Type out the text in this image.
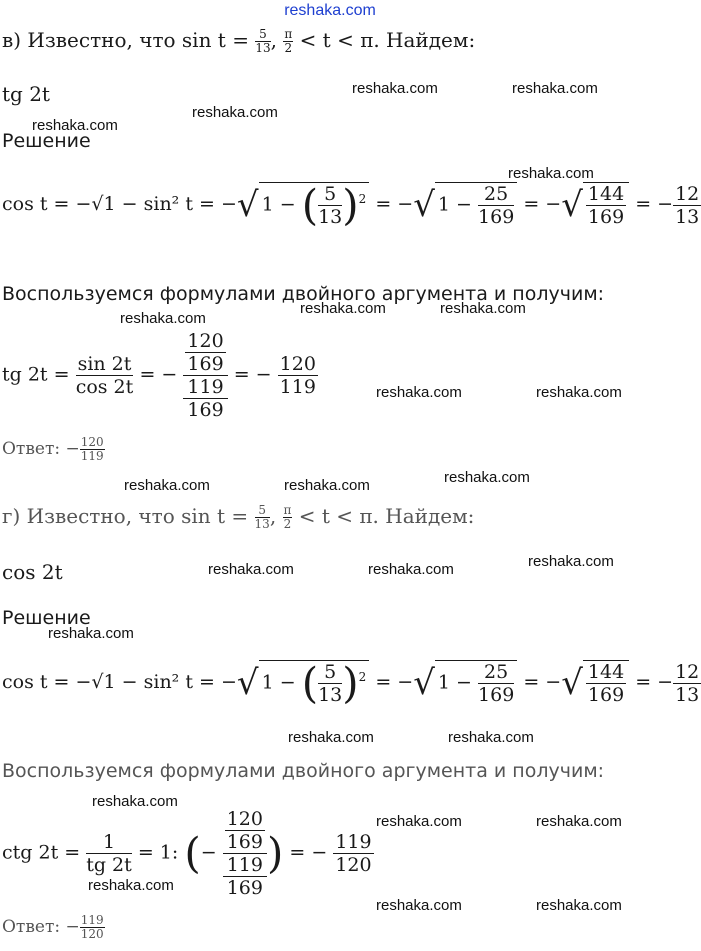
reshaka.com
в) Известно, что $\sin t = \frac{5}{13}$ , $\frac{\pi}{2} < t < \pi$. Найдем:
tg 2t
Решение
cos t = −√1 − sin² t = −√ 1 − ( $\frac{5}{13} )^2$ = −√ $1 - \frac{25}{169}$ = −√ $\frac{144}{169}$ = − $\frac{12}{13}$
Воспользуемся формулами двойного аргумента и получим:
tg $2t = \frac{\sin 2t}{\cos 2t}$ = − 120
169
119
169 = − $\frac{120}{119}$
Ответ: − $\frac{120}{119}$
г) Известно, что $\sin t = \frac{5}{13}$ , $\frac{\pi}{2} < t < \pi$. Найдем:
cos 2t
Решение
cos t = −√1 − sin² t = −√ 1 − ( $\frac{5}{13} )^2$ = −√ $1 - \frac{25}{169}$ = −√ $\frac{144}{169}$ = − $\frac{12}{13}$
Воспользуемся формулами двойного аргумента и получим:
ctg $2t = \frac{1}{tg 2t} = 1$: (− 120
169
119
169 ) = − $\frac{119}{120}$
Ответ: − $\frac{119}{120}$
reshaka.com	reshaka.com
reshaka.com
reshaka.com
reshaka.com
reshaka.com
reshaka.com
reshaka.com
reshaka.com	reshaka.com
reshaka.com	reshaka.com	reshaka.com
reshaka.com	reshaka.com	reshaka.com
reshaka.com
reshaka.com	reshaka.com
reshaka.com
reshaka.com	reshaka.com
reshaka.com
reshaka.com	reshaka.com
